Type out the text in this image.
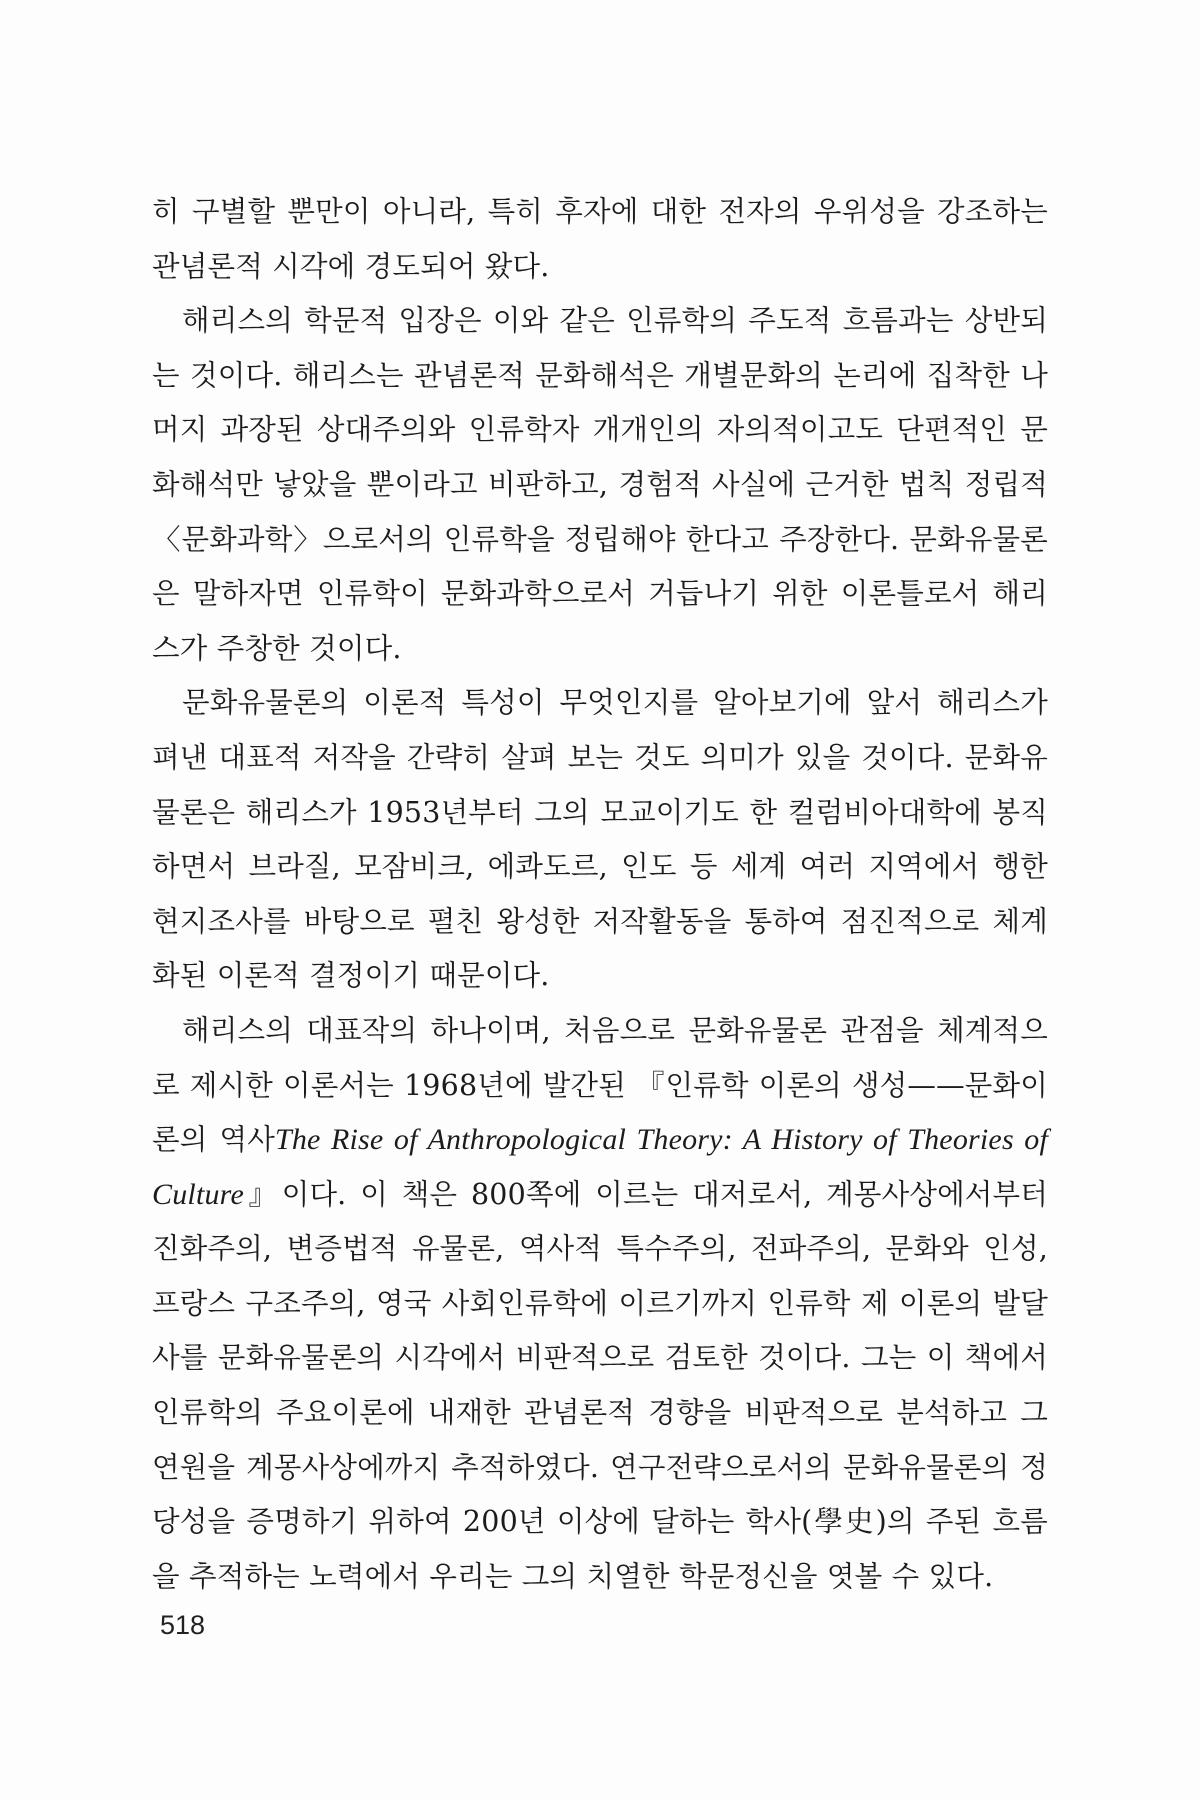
히 구별할 뿐만이 아니라, 특히 후자에 대한 전자의 우위성을 강조하는 관념론적 시각에 경도되어 왔다.

해리스의 학문적 입장은 이와 같은 인류학의 주도적 흐름과는 상반되는 것이다. 해리스는 관념론적 문화해석은 개별문화의 논리에 집착한 나머지 과장된 상대주의와 인류학자 개개인의 자의적이고도 단편적인 문화해석만 낳았을 뿐이라고 비판하고, 경험적 사실에 근거한 법칙 정립적 〈문화과학〉으로서의 인류학을 정립해야 한다고 주장한다. 문화유물론은 말하자면 인류학이 문화과학으로서 거듭나기 위한 이론틀로서 해리스가 주창한 것이다.

문화유물론의 이론적 특성이 무엇인지를 알아보기에 앞서 해리스가 펴낸 대표적 저작을 간략히 살펴 보는 것도 의미가 있을 것이다. 문화유물론은 해리스가 1953년부터 그의 모교이기도 한 컬럼비아대학에 봉직하면서 브라질, 모잠비크, 에콰도르, 인도 등 세계 여러 지역에서 행한 현지조사를 바탕으로 펼친 왕성한 저작활동을 통하여 점진적으로 체계화된 이론적 결정이기 때문이다.

해리스의 대표작의 하나이며, 처음으로 문화유물론 관점을 체계적으로 제시한 이론서는 1968년에 발간된 『인류학 이론의 생성——문화이론의 역사The Rise of Anthropological Theory: A History of Theories of Culture』이다. 이 책은 800쪽에 이르는 대저로서, 계몽사상에서부터 진화주의, 변증법적 유물론, 역사적 특수주의, 전파주의, 문화와 인성, 프랑스 구조주의, 영국 사회인류학에 이르기까지 인류학 제 이론의 발달사를 문화유물론의 시각에서 비판적으로 검토한 것이다. 그는 이 책에서 인류학의 주요이론에 내재한 관념론적 경향을 비판적으로 분석하고 그 연원을 계몽사상에까지 추적하였다. 연구전략으로서의 문화유물론의 정당성을 증명하기 위하여 200년 이상에 달하는 학사(學史)의 주된 흐름을 추적하는 노력에서 우리는 그의 치열한 학문정신을 엿볼 수 있다.

518
